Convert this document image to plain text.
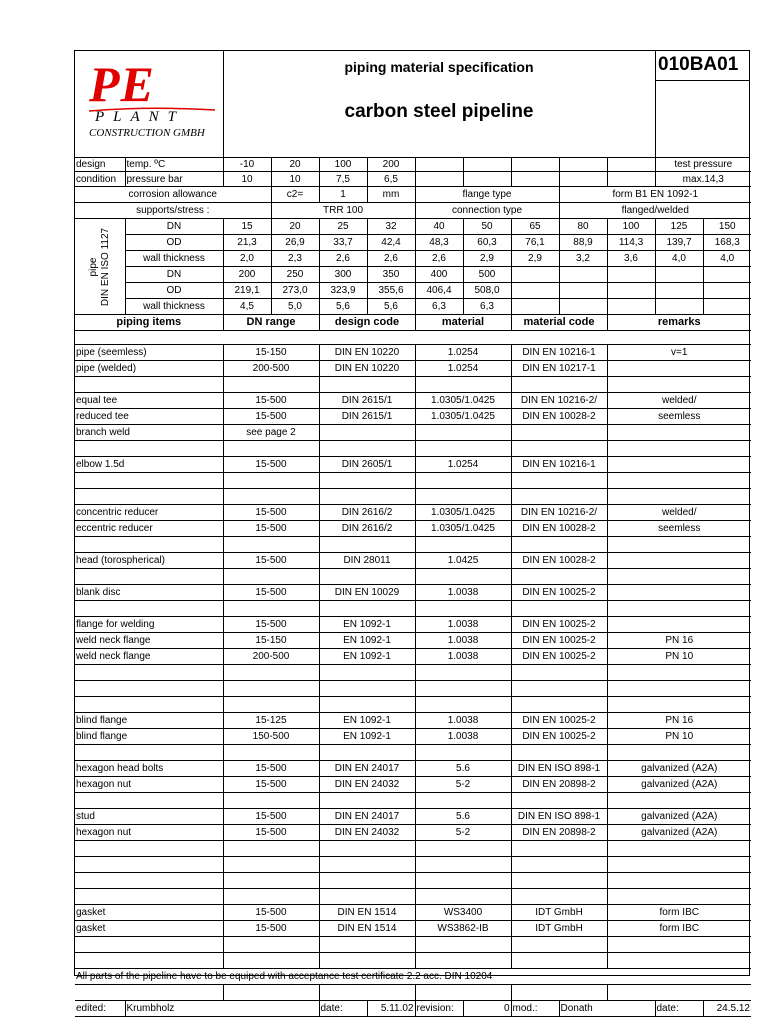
PE
PLANT
CONSTRUCTION GMBH
piping material specification
carbon steel pipeline
010BA01
design	temp. ºC	-10	20	100	200						test pressure	
condition	pressure bar	10	10	7,5	6,5						max.14,3	
corrosion allowance			c2=	1	mm	flange type			form B1 EN 1092-1			
supports/stress :			TRR 100			connection type			flanged/welded			

pipe
DIN EN ISO 1127	DN	15	20	25	32	40	50	65	80	100	125	150
	OD	21,3	26,9	33,7	42,4	48,3	60,3	76,1	88,9	114,3	139,7	168,3
	wall thickness	2,0	2,3	2,6	2,6	2,6	2,9	2,9	3,2	3,6	4,0	4,0
	DN	200	250	300	350	400	500					
	OD	219,1	273,0	323,9	355,6	406,4	508,0					
	wall thickness	4,5	5,0	5,6	5,6	6,3	6,3					
piping items		DN range		design code		material		material code		remarks		

pipe (seemless)		15-150		DIN EN 10220		1.0254		DIN EN 10216-1		v=1		
pipe (welded)		200-500		DIN EN 10220		1.0254		DIN EN 10217-1				

equal tee		15-500		DIN 2615/1		1.0305/1.0425		DIN EN 10216-2/		welded/		
reduced tee		15-500		DIN 2615/1		1.0305/1.0425		DIN EN 10028-2		seemless		
branch weld		see page 2										

elbow 1.5d		15-500		DIN 2605/1		1.0254		DIN EN 10216-1				

concentric reducer		15-500		DIN 2616/2		1.0305/1.0425		DIN EN 10216-2/		welded/		
eccentric reducer		15-500		DIN 2616/2		1.0305/1.0425		DIN EN 10028-2		seemless		

head (torospherical)		15-500		DIN 28011		1.0425		DIN EN 10028-2				

blank disc		15-500		DIN EN 10029		1.0038		DIN EN 10025-2				

flange for welding		15-500		EN 1092-1		1.0038		DIN EN 10025-2				
weld neck flange		15-150		EN 1092-1		1.0038		DIN EN 10025-2		PN 16		
weld neck flange		200-500		EN 1092-1		1.0038		DIN EN 10025-2		PN 10		

blind flange		15-125		EN 1092-1		1.0038		DIN EN 10025-2		PN 16		
blind flange		150-500		EN 1092-1		1.0038		DIN EN 10025-2		PN 10		

hexagon head bolts		15-500		DIN EN 24017		5.6		DIN EN ISO 898-1		galvanized (A2A)		
hexagon nut		15-500		DIN EN 24032		5-2		DIN EN 20898-2		galvanized (A2A)		

stud		15-500		DIN EN 24017		5.6		DIN EN ISO 898-1		galvanized (A2A)		
hexagon nut		15-500		DIN EN 24032		5-2		DIN EN 20898-2		galvanized (A2A)		

gasket		15-500		DIN EN 1514		WS3400		IDT GmbH		form IBC		
gasket		15-500		DIN EN 1514		WS3862-IB		IDT GmbH		form IBC		

All parts of the pipeline have to be equiped with acceptance test certificate 2.2 acc. DIN 10204												

edited:	Krumbholz			date:	5.11.02	revision:	0	mod.:	Donath		date:	24.5.12
